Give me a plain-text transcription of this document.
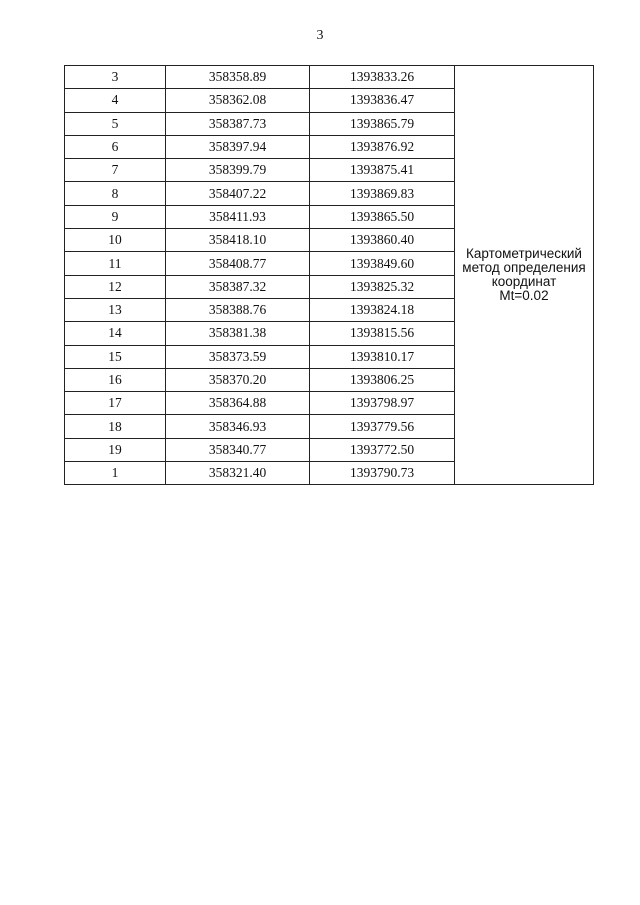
3
3	358358.89	1393833.26	Картометрический
метод определения
координат
Mt=0.02

4	358362.08	1393836.47	
5	358387.73	1393865.79	
6	358397.94	1393876.92	
7	358399.79	1393875.41	
8	358407.22	1393869.83	
9	358411.93	1393865.50	
10	358418.10	1393860.40	
11	358408.77	1393849.60	
12	358387.32	1393825.32	
13	358388.76	1393824.18	
14	358381.38	1393815.56	
15	358373.59	1393810.17	
16	358370.20	1393806.25	
17	358364.88	1393798.97	
18	358346.93	1393779.56	
19	358340.77	1393772.50	
1	358321.40	1393790.73	
